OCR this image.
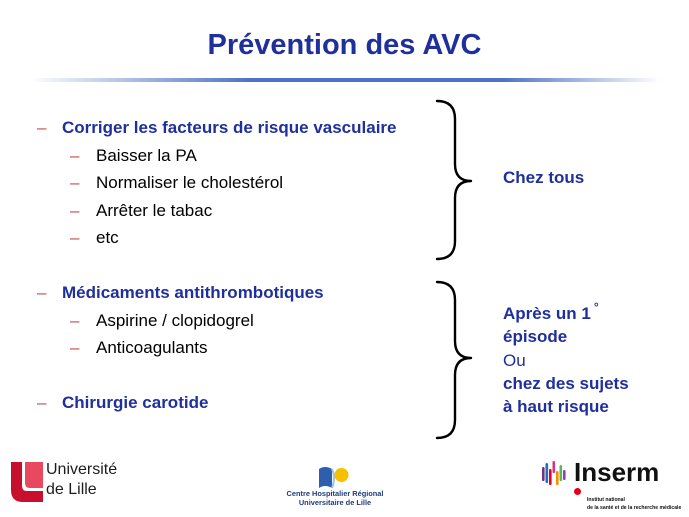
Prévention des AVC
– Corriger les facteurs de risque vasculaire
– Baisser la PA
– Normaliser le cholestérol
– Arrêter le tabac
– etc
– Médicaments antithrombotiques
– Aspirine / clopidogrel
– Anticoagulants
– Chirurgie carotide
Chez tous
Après un 1 °
épisode
Ou
chez des sujets
à haut risque
Université
de Lille	Centre Hospitalier Régional
Universitaire de Lille
Inserm
Institut national
de la santé et de la recherche médicale
